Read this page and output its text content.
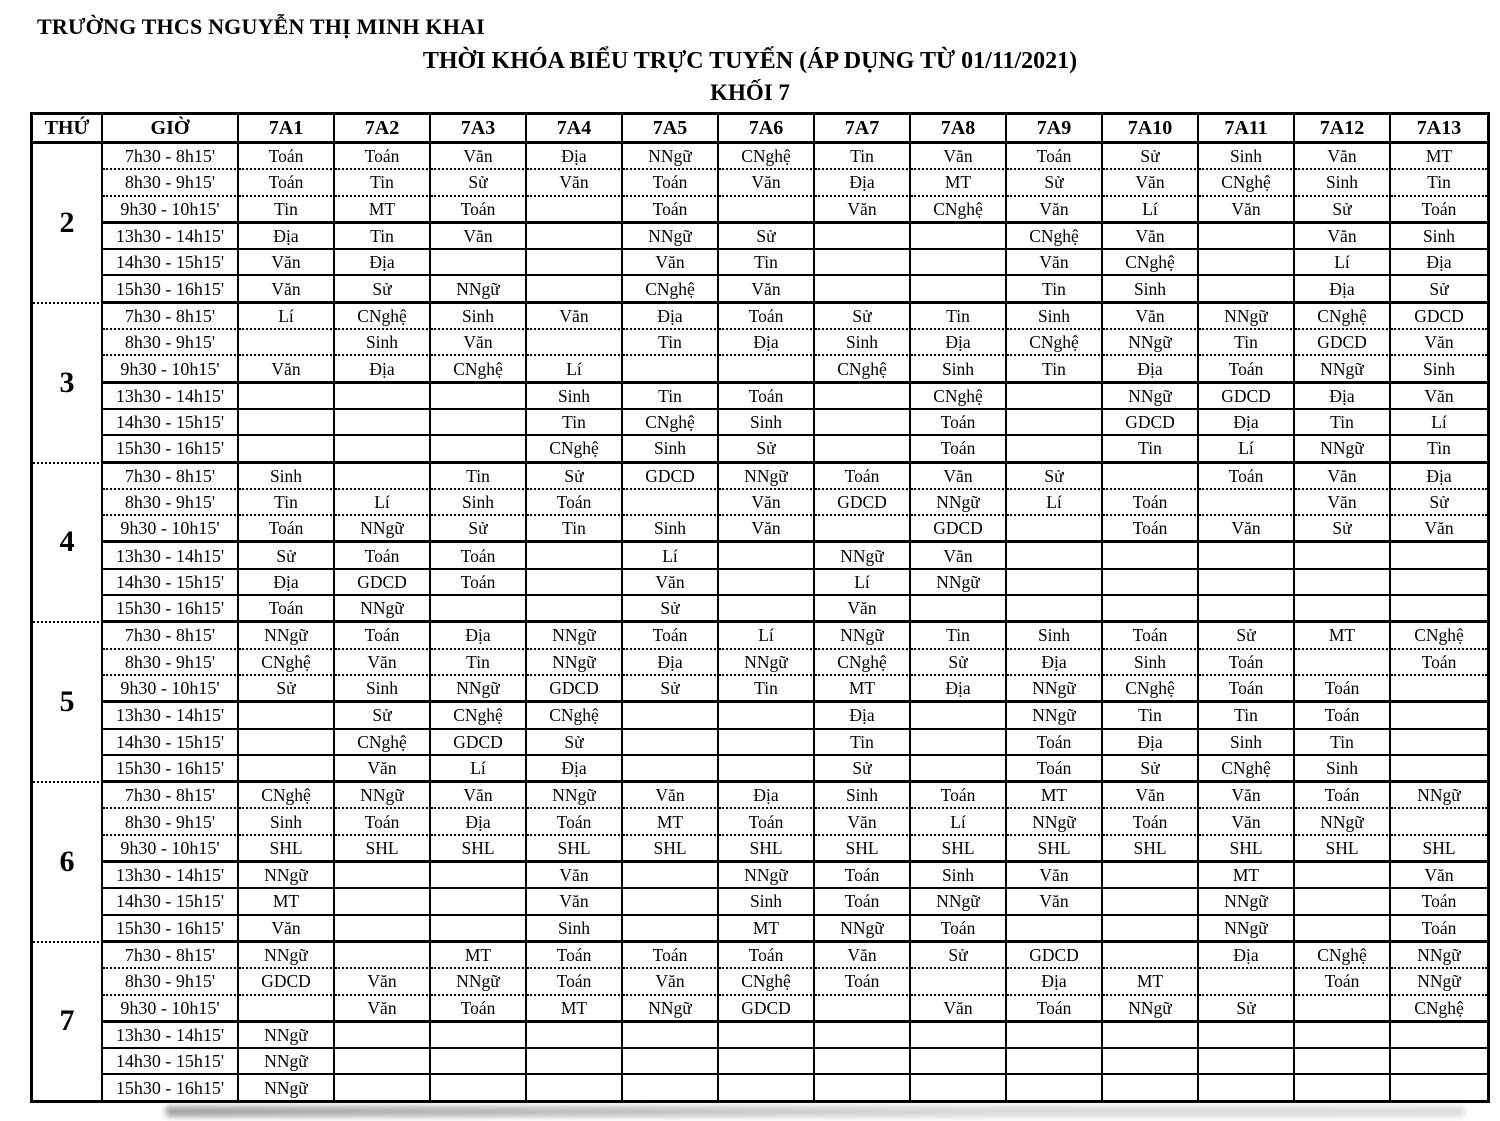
TRƯỜNG THCS NGUYỄN THỊ MINH KHAI
THỜI KHÓA BIỂU TRỰC TUYẾN (ÁP DỤNG TỪ 01/11/2021)
KHỐI 7
THỨ	GIỜ	7A1	7A2	7A3	7A4	7A5	7A6	7A7	7A8	7A9	7A10	7A11	7A12	7A13
2	7h30 - 8h15'	Toán	Toán	Văn	Địa	NNgữ	CNghệ	Tin	Văn	Toán	Sử	Sinh	Văn	MT
	8h30 - 9h15'	Toán	Tin	Sử	Văn	Toán	Văn	Địa	MT	Sử	Văn	CNghệ	Sinh	Tin
	9h30 - 10h15'	Tin	MT	Toán		Toán		Văn	CNghệ	Văn	Lí	Văn	Sử	Toán
	13h30 - 14h15'	Địa	Tin	Văn		NNgữ	Sử			CNghệ	Văn		Văn	Sinh
	14h30 - 15h15'	Văn	Địa			Văn	Tin			Văn	CNghệ		Lí	Địa
	15h30 - 16h15'	Văn	Sử	NNgữ		CNghệ	Văn			Tin	Sinh		Địa	Sử
3	7h30 - 8h15'	Lí	CNghệ	Sinh	Văn	Địa	Toán	Sử	Tin	Sinh	Văn	NNgữ	CNghệ	GDCD
	8h30 - 9h15'		Sinh	Văn		Tin	Địa	Sinh	Địa	CNghệ	NNgữ	Tin	GDCD	Văn
	9h30 - 10h15'	Văn	Địa	CNghệ	Lí			CNghệ	Sinh	Tin	Địa	Toán	NNgữ	Sinh
	13h30 - 14h15'				Sinh	Tin	Toán		CNghệ		NNgữ	GDCD	Địa	Văn
	14h30 - 15h15'				Tin	CNghệ	Sinh		Toán		GDCD	Địa	Tin	Lí
	15h30 - 16h15'				CNghệ	Sinh	Sử		Toán		Tin	Lí	NNgữ	Tin
4	7h30 - 8h15'	Sinh		Tin	Sử	GDCD	NNgữ	Toán	Văn	Sử		Toán	Văn	Địa
	8h30 - 9h15'	Tin	Lí	Sinh	Toán		Văn	GDCD	NNgữ	Lí	Toán		Văn	Sử
	9h30 - 10h15'	Toán	NNgữ	Sử	Tin	Sinh	Văn		GDCD		Toán	Văn	Sử	Văn
	13h30 - 14h15'	Sử	Toán	Toán		Lí		NNgữ	Văn					
	14h30 - 15h15'	Địa	GDCD	Toán		Văn		Lí	NNgữ					
	15h30 - 16h15'	Toán	NNgữ			Sử		Văn						
5	7h30 - 8h15'	NNgữ	Toán	Địa	NNgữ	Toán	Lí	NNgữ	Tin	Sinh	Toán	Sử	MT	CNghệ
	8h30 - 9h15'	CNghệ	Văn	Tin	NNgữ	Địa	NNgữ	CNghệ	Sử	Địa	Sinh	Toán		Toán
	9h30 - 10h15'	Sử	Sinh	NNgữ	GDCD	Sử	Tin	MT	Địa	NNgữ	CNghệ	Toán	Toán	
	13h30 - 14h15'		Sử	CNghệ	CNghệ			Địa		NNgữ	Tin	Tin	Toán	
	14h30 - 15h15'		CNghệ	GDCD	Sử			Tin		Toán	Địa	Sinh	Tin	
	15h30 - 16h15'		Văn	Lí	Địa			Sử		Toán	Sử	CNghệ	Sinh	
6	7h30 - 8h15'	CNghệ	NNgữ	Văn	NNgữ	Văn	Địa	Sinh	Toán	MT	Văn	Văn	Toán	NNgữ
	8h30 - 9h15'	Sinh	Toán	Địa	Toán	MT	Toán	Văn	Lí	NNgữ	Toán	Văn	NNgữ	
	9h30 - 10h15'	SHL	SHL	SHL	SHL	SHL	SHL	SHL	SHL	SHL	SHL	SHL	SHL	SHL
	13h30 - 14h15'	NNgữ			Văn		NNgữ	Toán	Sinh	Văn		MT		Văn
	14h30 - 15h15'	MT			Văn		Sinh	Toán	NNgữ	Văn		NNgữ		Toán
	15h30 - 16h15'	Văn			Sinh		MT	NNgữ	Toán			NNgữ		Toán
7	7h30 - 8h15'	NNgữ		MT	Toán	Toán	Toán	Văn	Sử	GDCD		Địa	CNghệ	NNgữ
	8h30 - 9h15'	GDCD	Văn	NNgữ	Toán	Văn	CNghệ	Toán		Địa	MT		Toán	NNgữ
	9h30 - 10h15'		Văn	Toán	MT	NNgữ	GDCD		Văn	Toán	NNgữ	Sử		CNghệ
	13h30 - 14h15'	NNgữ												
	14h30 - 15h15'	NNgữ												
	15h30 - 16h15'	NNgữ												
